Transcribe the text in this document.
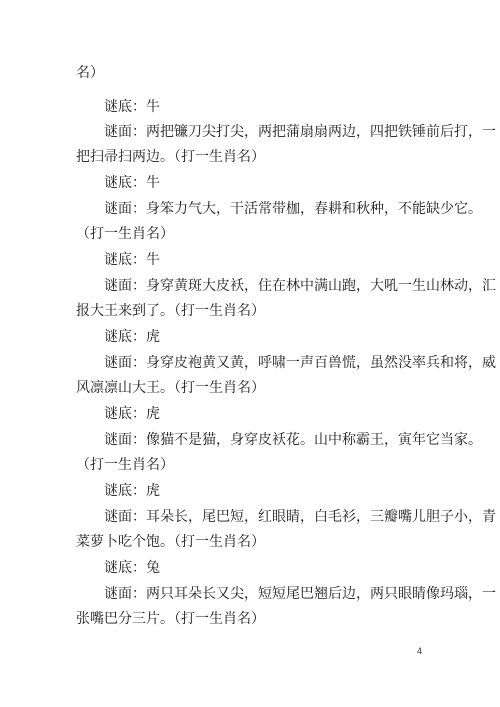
名）

谜底：牛

谜面：两把镰刀尖打尖，两把蒲扇扇两边，四把铁锤前后打，一

把扫帚扫两边。（打一生肖名）

谜底：牛

谜面：身笨力气大，干活常带枷，春耕和秋种，不能缺少它。

（打一生肖名）

谜底：牛

谜面：身穿黄斑大皮袄，住在林中满山跑，大吼一生山林动，汇

报大王来到了。（打一生肖名）

谜底：虎

谜面：身穿皮袍黄又黄，呼啸一声百兽慌，虽然没率兵和将，威

风凛凛山大王。（打一生肖名）

谜底：虎

谜面：像猫不是猫，身穿皮袄花。山中称霸王，寅年它当家。

（打一生肖名）

谜底：虎

谜面：耳朵长，尾巴短，红眼睛，白毛衫，三瓣嘴儿胆子小，青

菜萝卜吃个饱。（打一生肖名）

谜底：兔

谜面：两只耳朵长又尖，短短尾巴翘后边，两只眼睛像玛瑙，一

张嘴巴分三片。（打一生肖名）

4
